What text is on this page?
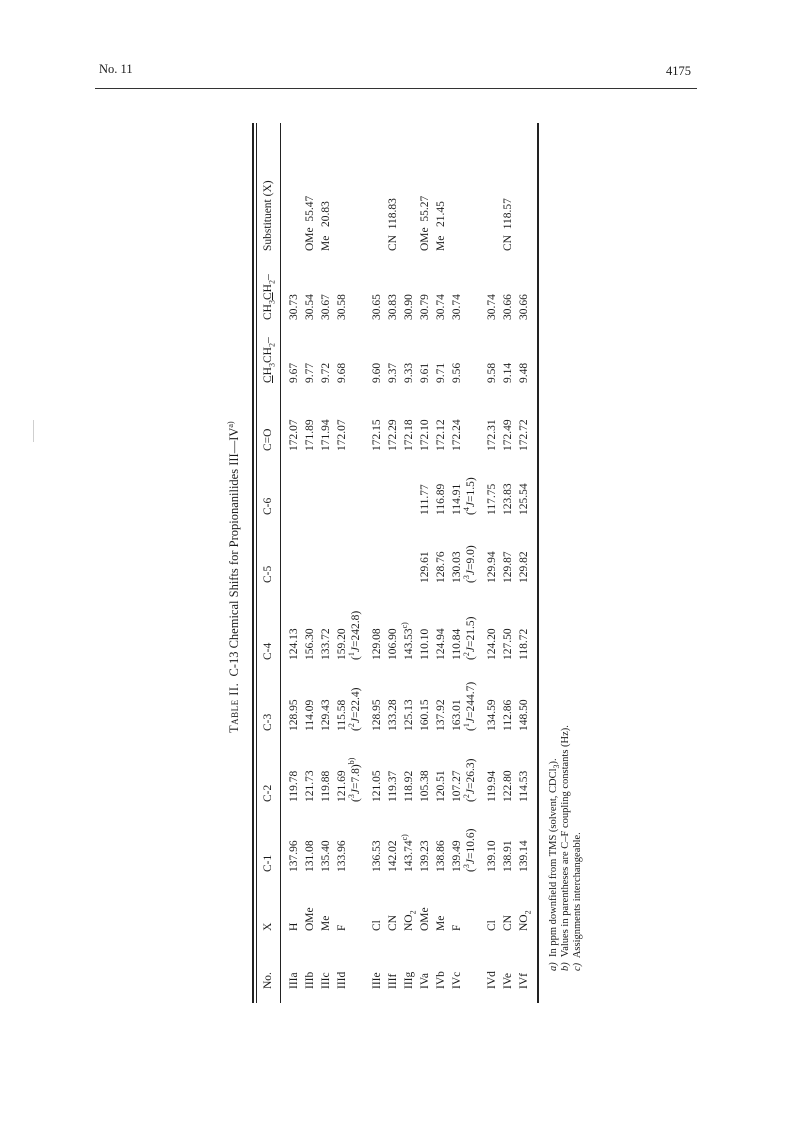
No. 11	4175
Table II.  C-13 Chemical Shifts for Propionanilides III—IV$^{a)}$
No.
X
C-1
C-2
C-3
C-4
C-5
C-6
C=O
$CH_3CH_2-$
$CH_3CH_2-$
Substituent (X)
IIIa
H
137.96
119.78
128.95
124.13
172.07
9.67
30.73
IIIb
OMe
131.08
121.73
114.09
156.30
171.89
9.77
30.54
OMe  55.47
IIIc
Me
135.40
119.88
129.43
133.72
171.94
9.72
30.67
Me   20.83
IIId
F
133.96
121.69
115.58
159.20
172.07
9.68
30.58
($^3$J=7.8)$^{b)}$
($^2$J=22.4)
($^1$J=242.8)
IIIe
Cl
136.53
121.05
128.95
129.08
172.15
9.60
30.65
IIIf
CN
142.02
119.37
133.28
106.90
172.29
9.37
30.83
CN  118.83
IIIg
$NO_2$
143.74$^{c)}$
118.92
125.13
143.53$^{c)}$
172.18
9.33
30.90
IVa
OMe
139.23
105.38
160.15
110.10
129.61
111.77
172.10
9.61
30.79
OMe  55.27
IVb
Me
138.86
120.51
137.92
124.94
128.76
116.89
172.12
9.71
30.74
Me   21.45
IVc
F
139.49
107.27
163.01
110.84
130.03
114.91
172.24
9.56
30.74
($^3$J=10.6)
($^2$J=26.3)
($^1$J=244.7)
($^2$J=21.5)
($^3$J=9.0)
($^4$J=1.5)
IVd
Cl
139.10
119.94
134.59
124.20
129.94
117.75
172.31
9.58
30.74
IVe
CN
138.91
122.80
112.86
127.50
129.87
123.83
172.49
9.14
30.66
CN  118.57
IVf
$NO_2$
139.14
114.53
148.50
118.72
129.82
125.54
172.72
9.48
30.66
a)  In ppm downfield from TMS (solvent, CDCl$_3$).
b)  Values in parentheses are C–F coupling constants (Hz).
c)  Assignments interchangeable.
